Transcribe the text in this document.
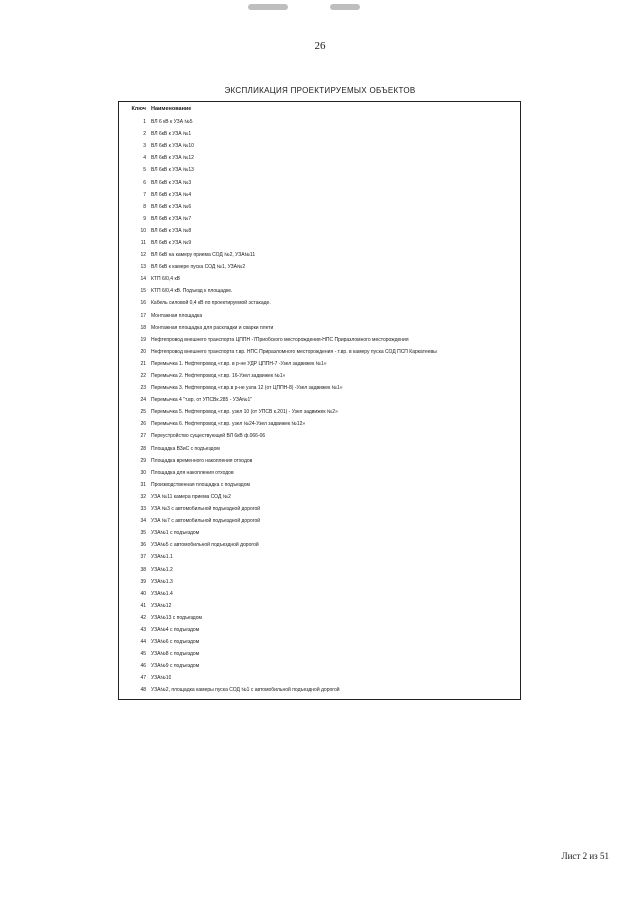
26
ЭКСПЛИКАЦИЯ ПРОЕКТИРУЕМЫХ ОБЪЕКТОВ
Ключ Наименование
1	ВЛ 6 кВ к УЗА №5
2	ВЛ 6кВ к УЗА №1
3	ВЛ 6кВ к УЗА №10
4	ВЛ 6кВ к УЗА №12
5	ВЛ 6кВ к УЗА №13
6	ВЛ 6кВ к УЗА №3
7	ВЛ 6кВ к УЗА №4
8	ВЛ 6кВ к УЗА №6
9	ВЛ 6кВ к УЗА №7
10	ВЛ 6кВ к УЗА №8
11	ВЛ 6кВ к УЗА №9
12	ВЛ 6кВ на камеру приема СОД №2, УЗА№11
13	ВЛ 6кВ к камере пуска СОД №1, УЗА№2
14	КТП 6/0,4 кВ
15	КТП 6/0,4 кВ. Подъезд к площадке.
16	Кабель силовой 0,4 кВ по проектируемой эстакаде.
17	Монтажная площадка
18	Монтажная площадка для раскладки и сварки плети
19	Нефтепровод внешнего транспорта ЦППН -7Приобского месторождения-НПС Приразломного месторождения
20	Нефтепровод внешнего транспорта т.вр. НПС Приразломного месторождения - т.вр. в камеру пуска СОД ПСП Каркатеевы
21	Перемычка 1. Нефтепровод «т.вр. в р-не УДР ЦППН-7 -Узел задвижек №1»
22	Перемычка 2. Нефтепровод «т.вр. 16-Узел задвижек №1»
23	Перемычка 3. Нефтепровод «т.вр.в р-не узла 12 (от ЦППН-8) -Узел задвижек №1»
24	Перемычка 4 "т.вр. от УПСВк.285 - УЗА№1"
25	Перемычка 5. Нефтепровод «т.вр. узел 10 (от УПСВ к.201) - Узел задвижек №2»
26	Перемычка 6. Нефтепровод «т.вр. узел №24-Узел задвижек №12»
27	Переустройство существующей ВЛ 6кВ ф.066-06
28	Площадка ВЗиС с подъездом
29	Площадка временного накопления отходов
30	Площадка для накопления отходов
31	Производственная площадка с подъездом
32	УЗА №11 камера приема СОД №2
33	УЗА №3 с автомобильной подъездной дорогой
34	УЗА №7 с автомобильной подъездной дорогой
35	УЗА№1 с подъездом
36	УЗА№5 с автомобильной подъездной дорогой
37	УЗА№1.1
38	УЗА№1.2
39	УЗА№1.3
40	УЗА№1.4
41	УЗА№12
42	УЗА№13 с подъездом
43	УЗА№4 с подъездом
44	УЗА№6 с подъездом
45	УЗА№8 с подъездом
46	УЗА№9 с подъездом
47	УЗА№10
48	УЗА№2, площадка камеры пуска СОД №1 с автомобильной подъездной дорогой
Лист 2 из 51
